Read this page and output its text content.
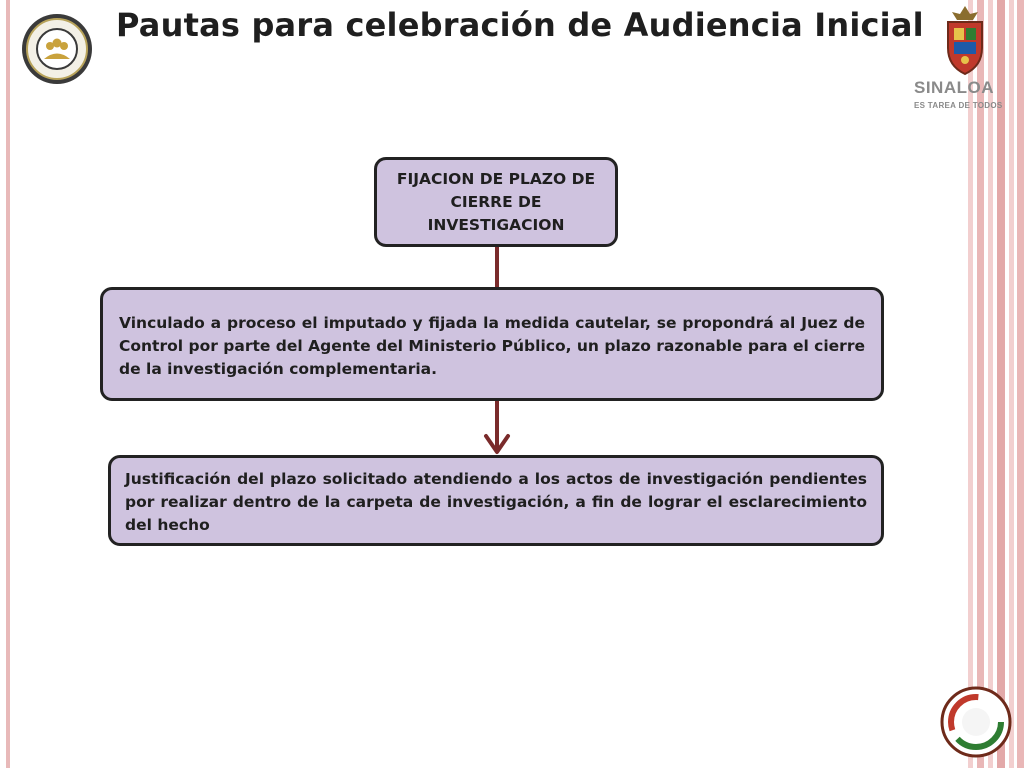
Pautas para celebración de Audiencia Inicial
SINALOA
ES TAREA DE TODOS
FIJACION DE PLAZO DE CIERRE DE INVESTIGACION
Vinculado a proceso el imputado y fijada la medida cautelar, se propondrá al Juez de Control por parte del Agente del Ministerio Público, un plazo razonable para el cierre de la investigación complementaria.
Justificación del plazo solicitado atendiendo a los actos de investigación pendientes por realizar dentro de la carpeta de investigación, a fin de lograr el esclarecimiento del hecho
